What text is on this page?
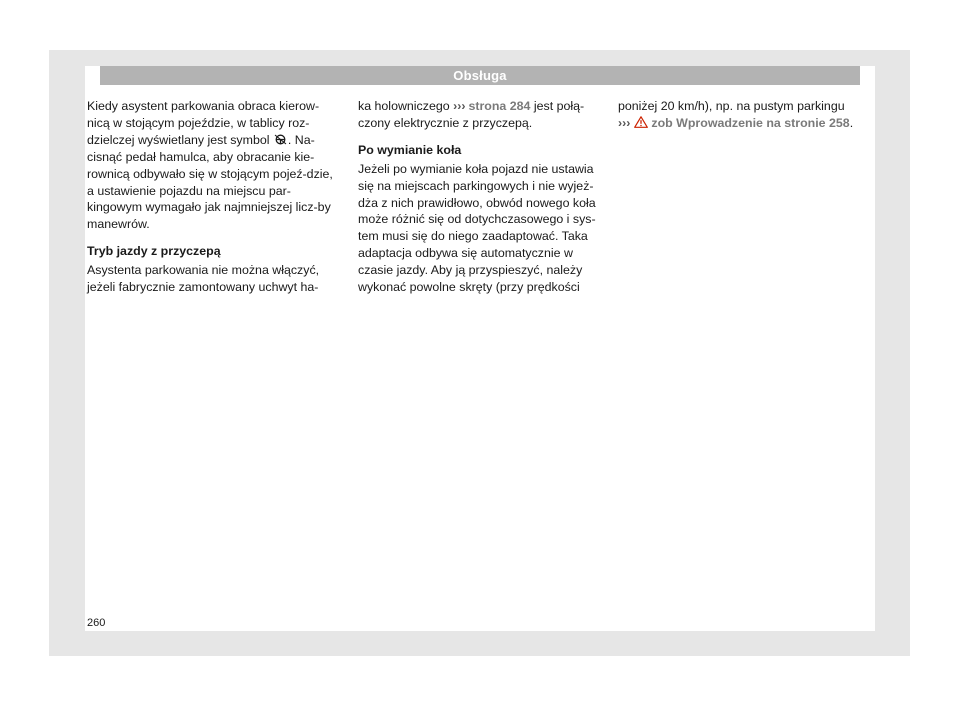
Obsługa

Kiedy asystent parkowania obraca kierow-nicą w stojącym pojeździe, w tablicy roz-dzielczej wyświetlany jest symbol . Na-cisnąć pedał hamulca, aby obracanie kie-rownicą odbywało się w stojącym pojeź-dzie, a ustawienie pojazdu na miejscu par-kingowym wymagało jak najmniejszej licz-by manewrów.

Tryb jazdy z przyczepą

Asystenta parkowania nie można włączyć, jeżeli fabrycznie zamontowany uchwyt ha-

ka holowniczego ››› strona 284 jest połą-czony elektrycznie z przyczepą.

Po wymianie koła

Jeżeli po wymianie koła pojazd nie ustawia się na miejscach parkingowych i nie wyjeż-dża z nich prawidłowo, obwód nowego koła może różnić się od dotychczasowego i sys-tem musi się do niego zaadaptować. Taka adaptacja odbywa się automatycznie w czasie jazdy. Aby ją przyspieszyć, należy wykonać powolne skręty (przy prędkości

poniżej 20 km/h), np. na pustym parkingu
››› zob Wprowadzenie na stronie 258.

260
